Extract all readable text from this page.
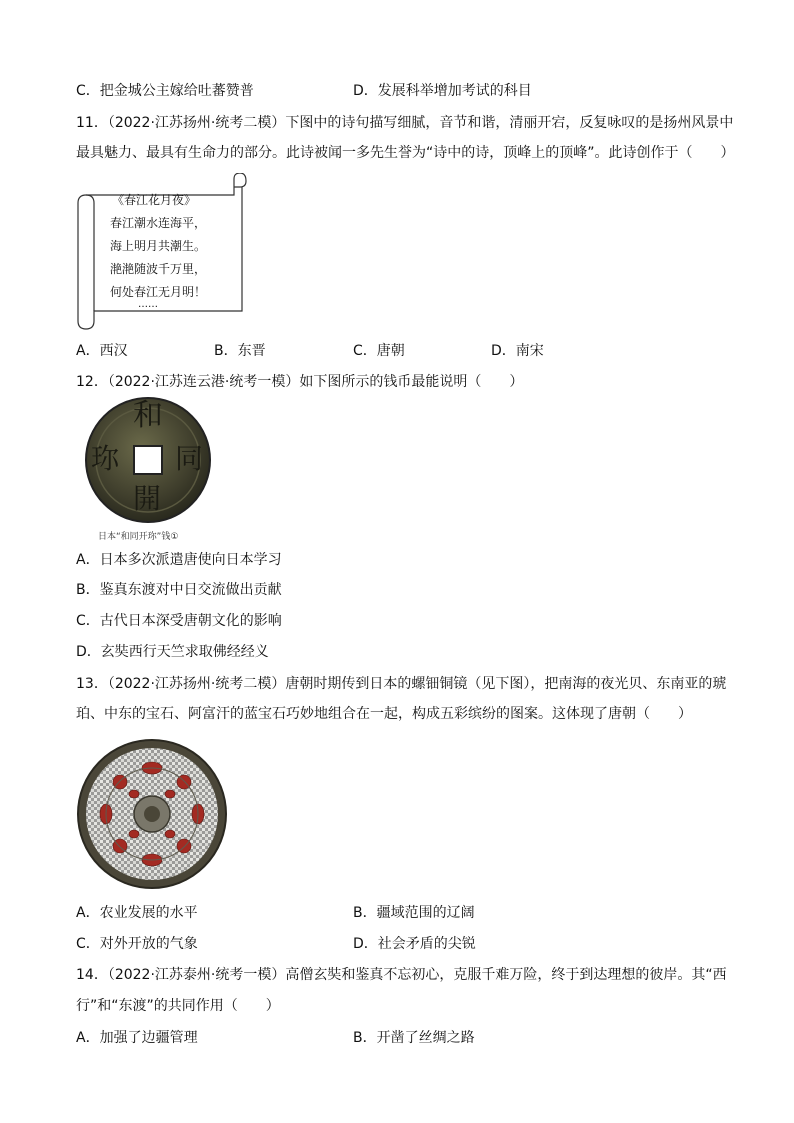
C．把金城公主嫁给吐蕃赞普	D．发展科举增加考试的科目
11．（2022·江苏扬州·统考二模）下图中的诗句描写细腻，音节和谐，清丽开宕，反复咏叹的是扬州风景中
最具魅力、最具有生命力的部分。此诗被闻一多先生誉为“诗中的诗，顶峰上的顶峰”。此诗创作于（　　）
《春江花月夜》
春江潮水连海平，
海上明月共潮生。
滟滟随波千万里，
何处春江无月明！
……
A．西汉	B．东晋	C．唐朝	D．南宋
12．（2022·江苏连云港·统考一模）如下图所示的钱币最能说明（　　）
和
同
開
珎
日本“和同开珎”钱①
A．日本多次派遣唐使向日本学习
B．鉴真东渡对中日交流做出贡献
C．古代日本深受唐朝文化的影响
D．玄奘西行天竺求取佛经经义
13．（2022·江苏扬州·统考二模）唐朝时期传到日本的螺钿铜镜（见下图），把南海的夜光贝、东南亚的琥
珀、中东的宝石、阿富汗的蓝宝石巧妙地组合在一起，构成五彩缤纷的图案。这体现了唐朝（　　）
A．农业发展的水平	B．疆域范围的辽阔
C．对外开放的气象	D．社会矛盾的尖锐
14．（2022·江苏泰州·统考一模）高僧玄奘和鉴真不忘初心，克服千难万险，终于到达理想的彼岸。其“西
行”和“东渡”的共同作用（　　）
A．加强了边疆管理	B．开凿了丝绸之路
